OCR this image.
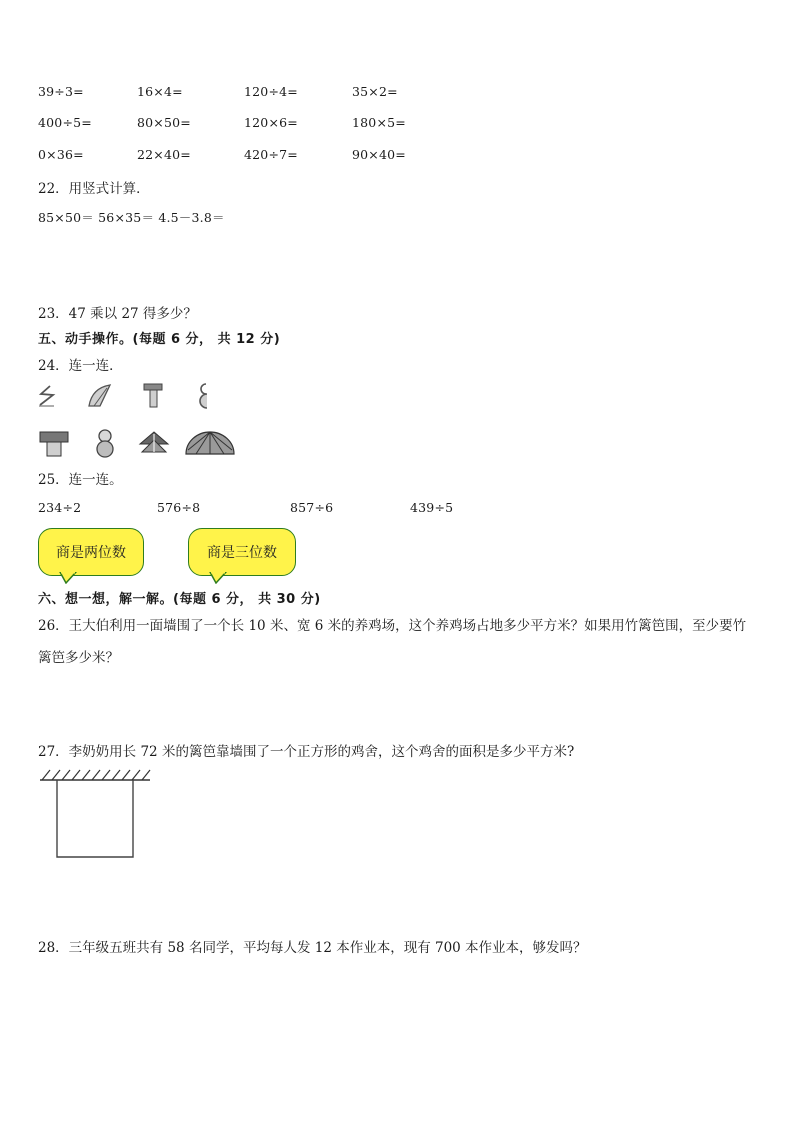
39÷3=	16×4=	120÷4=	35×2=
400÷5=	80×50=	120×6=	180×5=
0×36=	22×40=	420÷7=	90×40=
22．用竖式计算．
85×50＝ 56×35＝ 4.5－3.8＝
23．47 乘以 27 得多少？
五、动手操作。(每题 6 分， 共 12 分)
24．连一连．
25．连一连。
234÷2	576÷8	857÷6	439÷5
商是两位数	商是三位数
六、想一想，解一解。(每题 6 分， 共 30 分)
26．王大伯利用一面墙围了一个长 10 米、宽 6 米的养鸡场，这个养鸡场占地多少平方米？如果用竹篱笆围，至少要竹
篱笆多少米？
27．李奶奶用长 72 米的篱笆靠墙围了一个正方形的鸡舍，这个鸡舍的面积是多少平方米?
28．三年级五班共有 58 名同学，平均每人发 12 本作业本，现有 700 本作业本，够发吗？
